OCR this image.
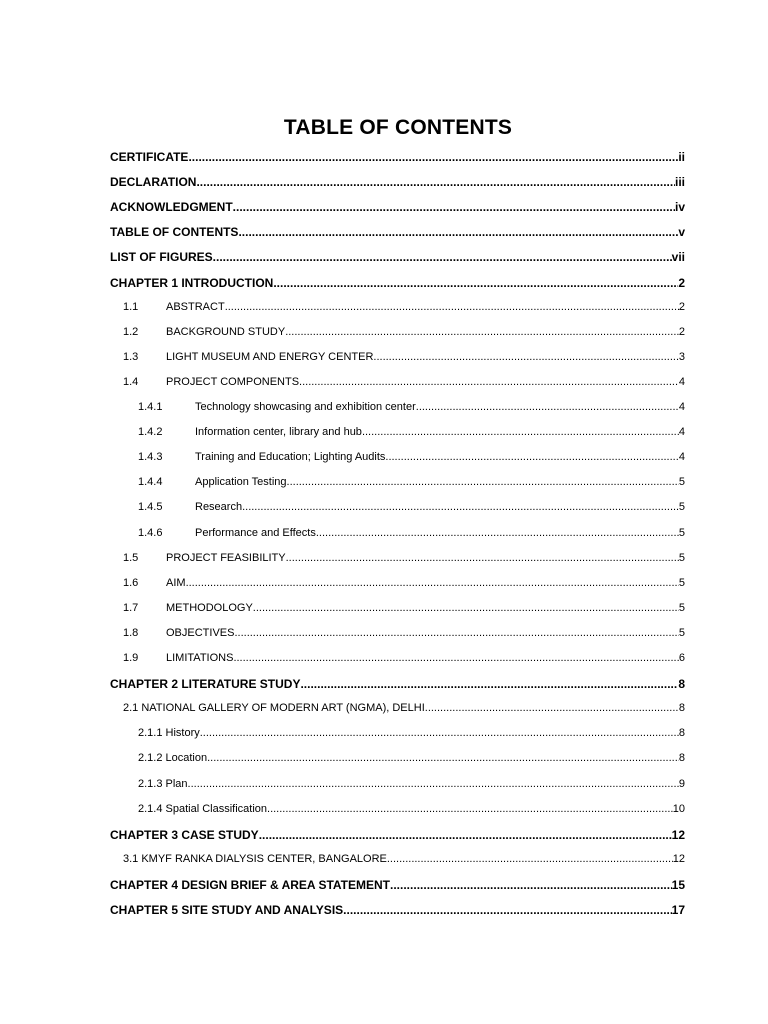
TABLE OF CONTENTS
CERTIFICATE .....	ii
DECLARATION .....	iii
ACKNOWLEDGMENT .....	iv
TABLE OF CONTENTS .....	v
LIST OF FIGURES .....	vii
CHAPTER 1 INTRODUCTION .....	2
1.1	ABSTRACT .....	2
1.2	BACKGROUND STUDY .....	2
1.3	LIGHT MUSEUM AND ENERGY CENTER .....	3
1.4	PROJECT COMPONENTS .....	4
1.4.1	Technology showcasing and exhibition center .....	4
1.4.2	Information center, library and hub .....	4
1.4.3	Training and Education; Lighting Audits .....	4
1.4.4	Application Testing .....	5
1.4.5	Research .....	5
1.4.6	Performance and Effects .....	5
1.5	PROJECT FEASIBILITY .....	5
1.6	AIM .....	5
1.7	METHODOLOGY .....	5
1.8	OBJECTIVES .....	5
1.9	LIMITATIONS .....	6
CHAPTER 2 LITERATURE STUDY .....	8
2.1 NATIONAL GALLERY OF MODERN ART (NGMA), DELHI .....	8
2.1.1 History .....	8
2.1.2 Location .....	8
2.1.3 Plan .....	9
2.1.4 Spatial Classification .....	10
CHAPTER 3 CASE STUDY .....	12
3.1 KMYF RANKA DIALYSIS CENTER, BANGALORE .....	12
CHAPTER 4 DESIGN BRIEF & AREA STATEMENT .....	15
CHAPTER 5 SITE STUDY AND ANALYSIS .....	17
